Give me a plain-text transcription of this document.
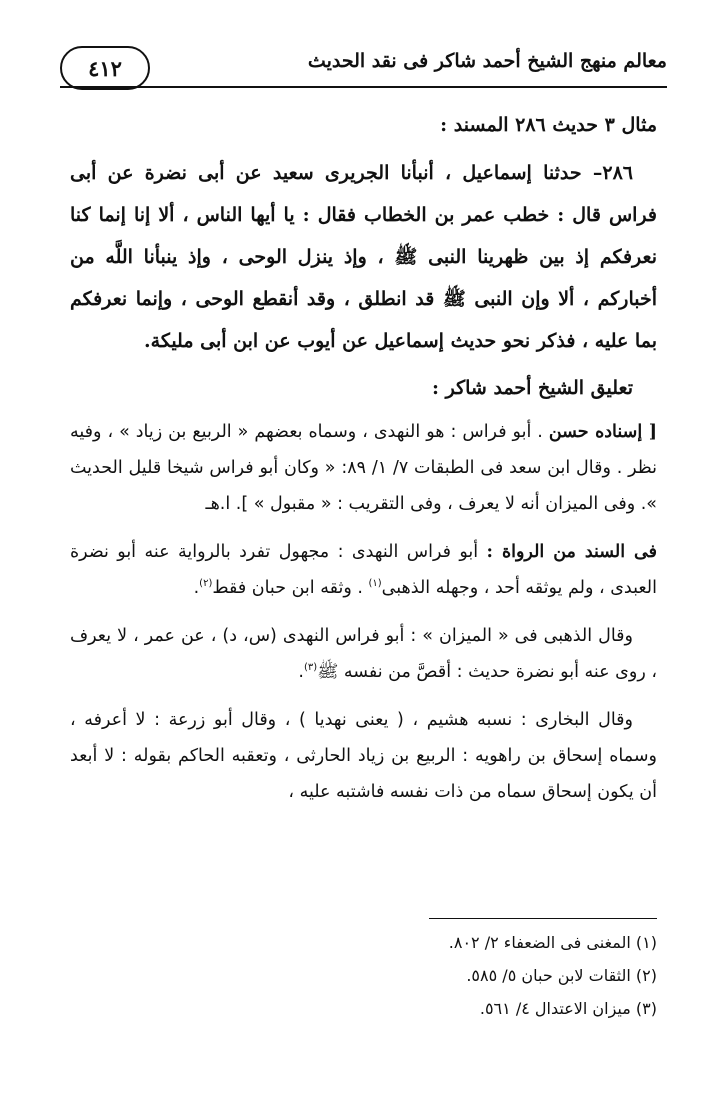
معالم منهج الشيخ أحمد شاكر فى نقد الحديث
٤١٢

مثال ٣ حديث ٢٨٦ المسند :

٢٨٦– حدثنا إسماعيل ، أنبأنا الجريرى سعيد عن أبى نضرة عن أبى فراس قال : خطب عمر بن الخطاب فقال : يا أيها الناس ، ألا إنا إنما كنا نعرفكم إذ بين ظهرينا النبى ﷺ ، وإذ ينزل الوحى ، وإذ ينبأنا اللَّه من أخباركم ، ألا وإن النبى ﷺ قد انطلق ، وقد أنقطع الوحى ، وإنما نعرفكم بما عليه ، فذكر نحو حديث إسماعيل عن أيوب عن ابن أبى مليكة.

تعليق الشيخ أحمد شاكر :

[ إسناده حسن . أبو فراس : هو النهدى ، وسماه بعضهم « الربيع بن زياد » ، وفيه نظر . وقال ابن سعد فى الطبقات ٧/ ١/ ٨٩: « وكان أبو فراس شيخا قليل الحديث ». وفى الميزان أنه لا يعرف ، وفى التقريب : « مقبول » ]. ا.هـ

فى السند من الرواة : أبو فراس النهدى : مجهول تفرد بالرواية عنه أبو نضرة العبدى ، ولم يوثقه أحد ، وجهله الذهبى$^{(١)}$ . وثقه ابن حبان فقط$^{(٢)}$.

وقال الذهبى فى « الميزان » : أبو فراس النهدى (س، د) ، عن عمر ، لا يعرف ، روى عنه أبو نضرة حديث : أقصَّ من نفسه ﷺ$^{(٣)}$.

وقال البخارى : نسبه هشيم ، ( يعنى نهديا ) ، وقال أبو زرعة : لا أعرفه ، وسماه إسحاق بن راهويه : الربيع بن زياد الحارثى ، وتعقبه الحاكم بقوله : لا أبعد أن يكون إسحاق سماه من ذات نفسه فاشتبه عليه ،

(١) المغنى فى الضعفاء ٢/ ٨٠٢.
(٢) الثقات لابن حبان ٥/ ٥٨٥.
(٣) ميزان الاعتدال ٤/ ٥٦١.
